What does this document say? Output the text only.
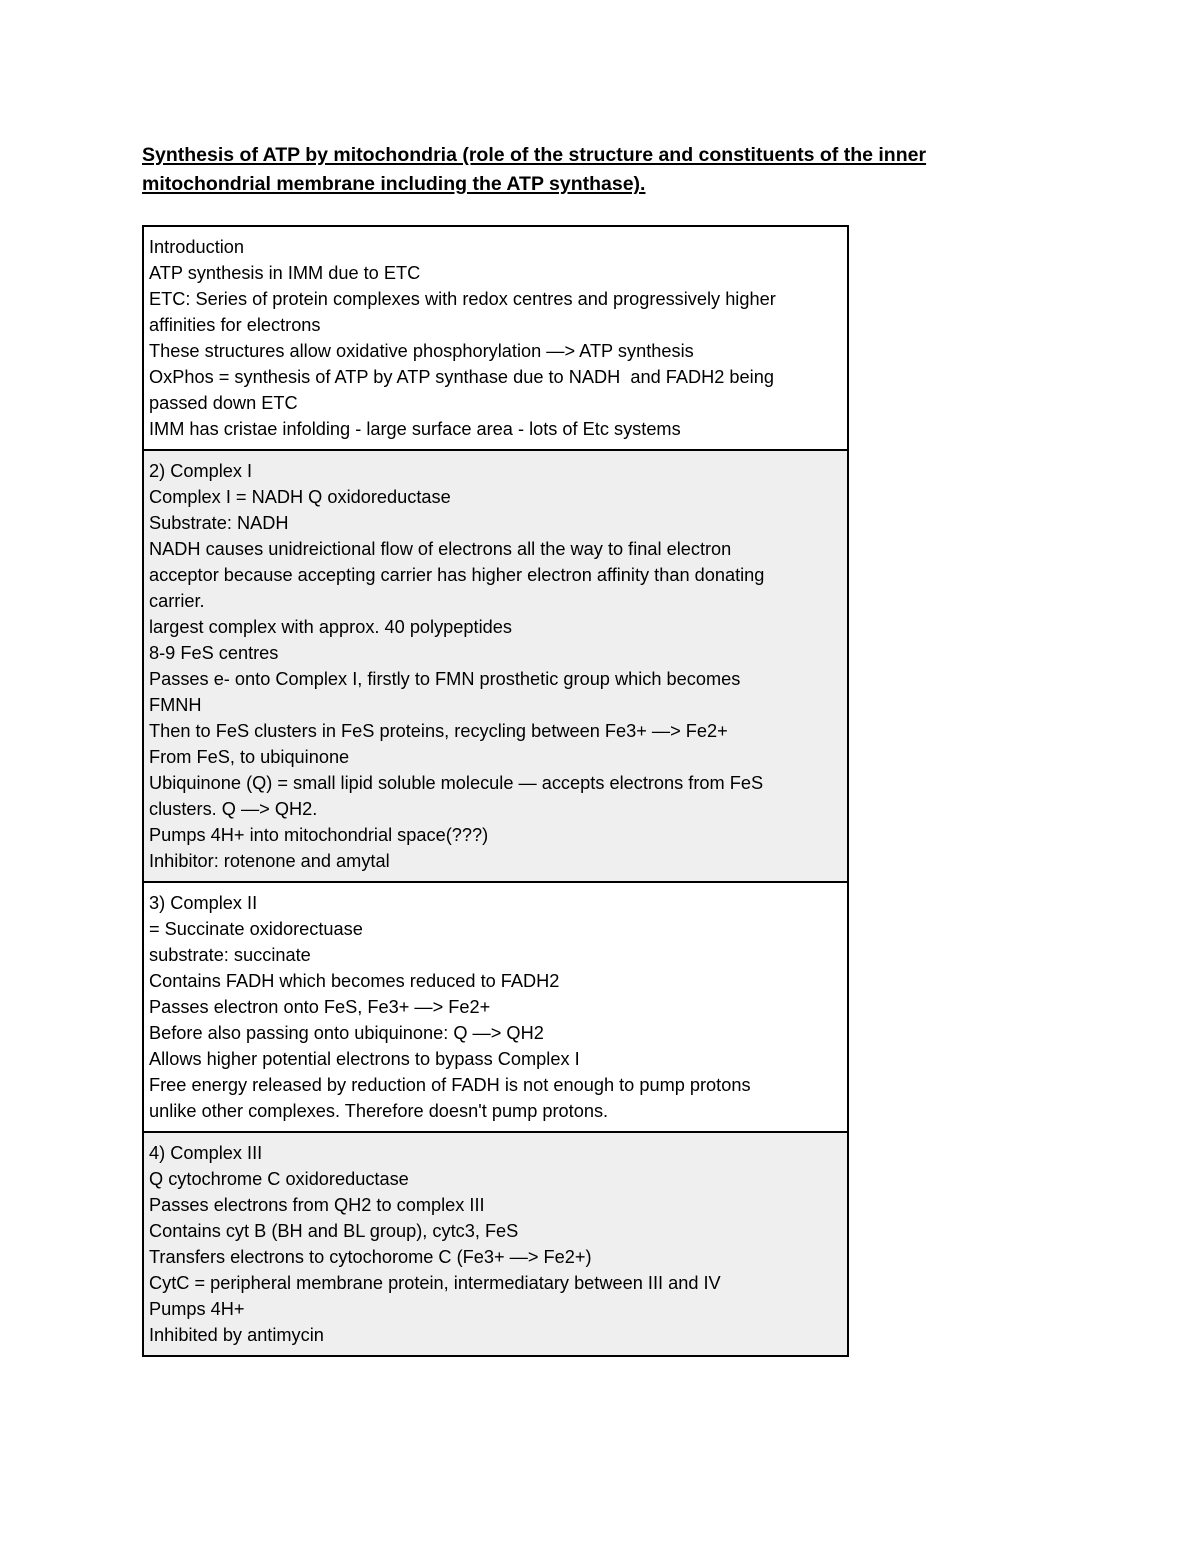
Synthesis of ATP by mitochondria (role of the structure and constituents of the inner
mitochondrial membrane including the ATP synthase).
Introduction
ATP synthesis in IMM due to ETC
ETC: Series of protein complexes with redox centres and progressively higher
affinities for electrons
These structures allow oxidative phosphorylation —> ATP synthesis
OxPhos = synthesis of ATP by ATP synthase due to NADH  and FADH2 being
passed down ETC
IMM has cristae infolding - large surface area - lots of Etc systems
2) Complex I
Complex I = NADH Q oxidoreductase
Substrate: NADH
NADH causes unidreictional flow of electrons all the way to final electron
acceptor because accepting carrier has higher electron affinity than donating
carrier.
largest complex with approx. 40 polypeptides
8-9 FeS centres
Passes e- onto Complex I, firstly to FMN prosthetic group which becomes
FMNH
Then to FeS clusters in FeS proteins, recycling between Fe3+ —> Fe2+
From FeS, to ubiquinone
Ubiquinone (Q) = small lipid soluble molecule — accepts electrons from FeS
clusters. Q —> QH2.
Pumps 4H+ into mitochondrial space(???)
Inhibitor: rotenone and amytal
3) Complex II
= Succinate oxidorectuase
substrate: succinate
Contains FADH which becomes reduced to FADH2
Passes electron onto FeS, Fe3+ —> Fe2+
Before also passing onto ubiquinone: Q —> QH2
Allows higher potential electrons to bypass Complex I
Free energy released by reduction of FADH is not enough to pump protons
unlike other complexes. Therefore doesn't pump protons.
4) Complex III
Q cytochrome C oxidoreductase
Passes electrons from QH2 to complex III
Contains cyt B (BH and BL group), cytc3, FeS
Transfers electrons to cytochorome C (Fe3+ —> Fe2+)
CytC = peripheral membrane protein, intermediatary between III and IV
Pumps 4H+
Inhibited by antimycin
